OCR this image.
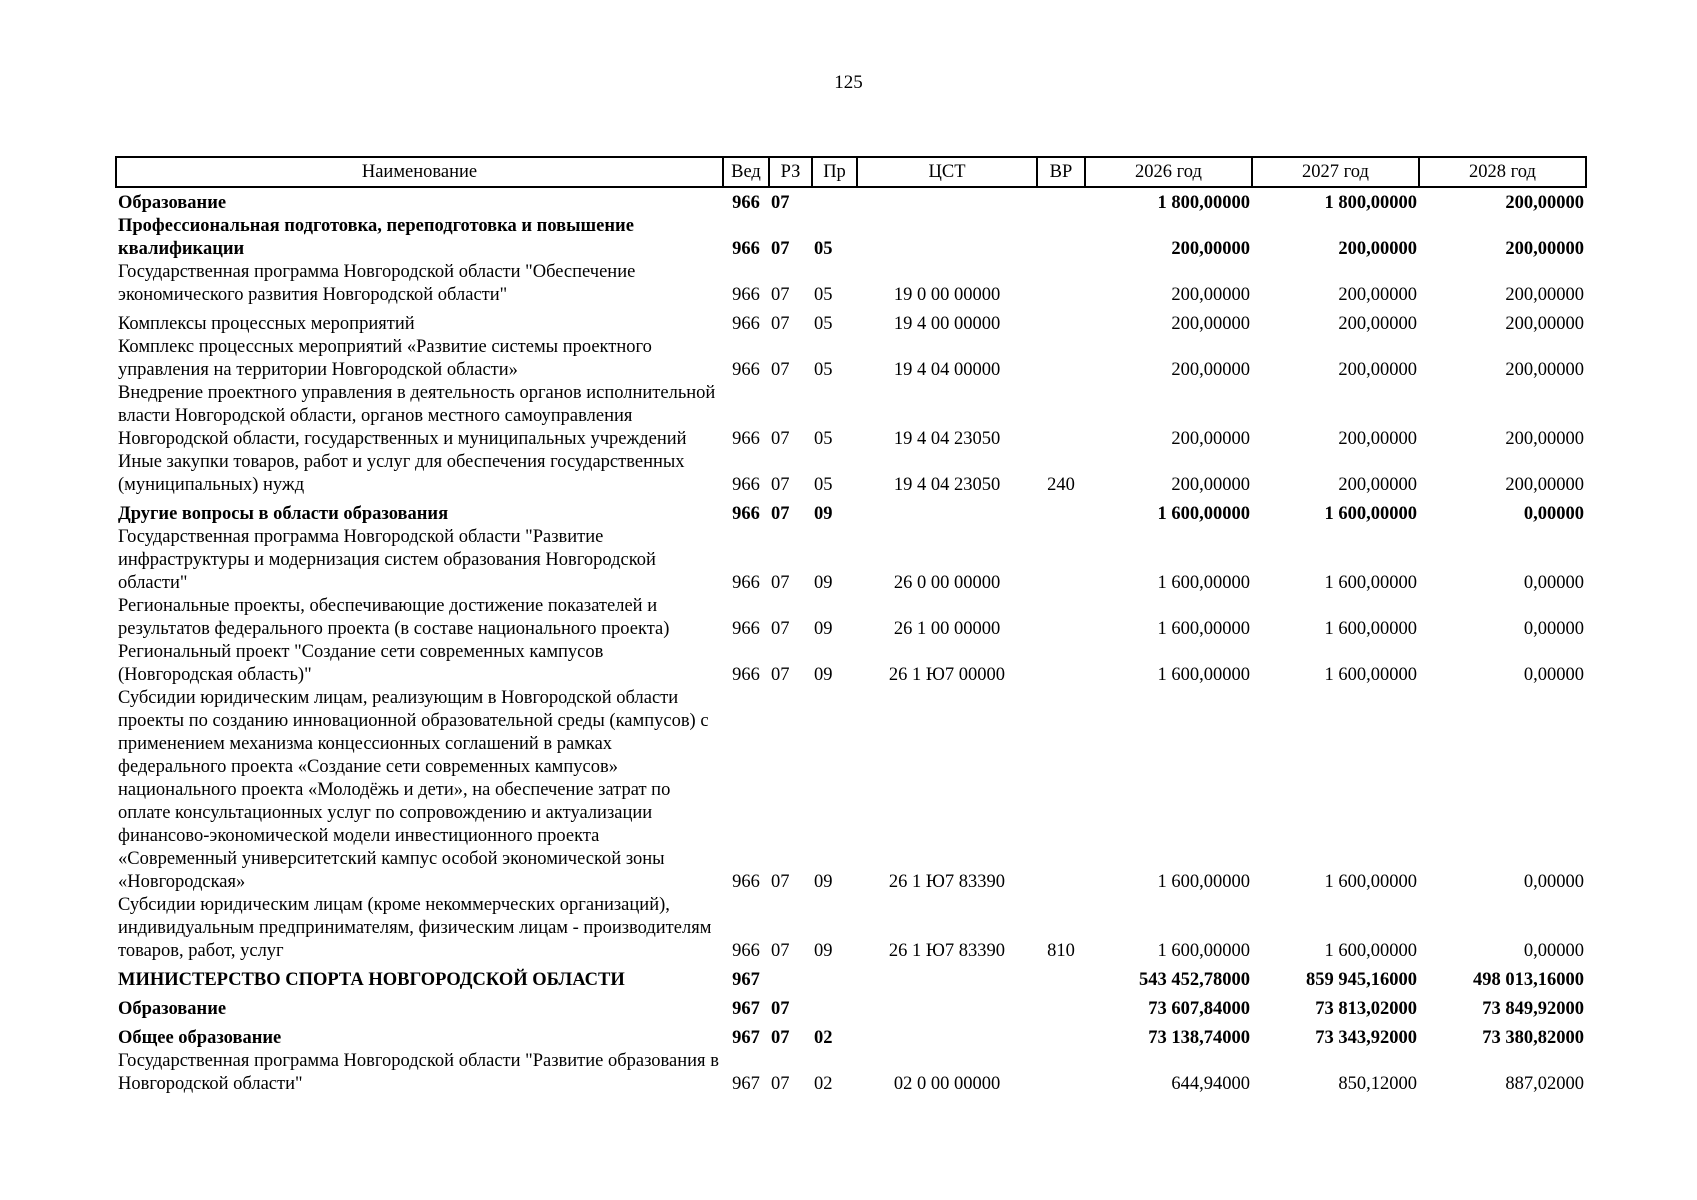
125
Наименование	Вед	РЗ	Пр	ЦСТ	ВР	2026 год	2027 год	2028 год
Образование	966	07				1 800,00000	1 800,00000	200,00000
Профессиональная подготовка, переподготовка и повышение квалификации	966	07	05			200,00000	200,00000	200,00000
Государственная программа Новгородской области "Обеспечение экономического развития Новгородской области"	966	07	05	19 0 00 00000		200,00000	200,00000	200,00000
Комплексы процессных мероприятий	966	07	05	19 4 00 00000		200,00000	200,00000	200,00000
Комплекс процессных мероприятий «Развитие системы проектного управления на территории Новгородской области»	966	07	05	19 4 04 00000		200,00000	200,00000	200,00000
Внедрение проектного управления в деятельность органов исполнительной власти Новгородской области, органов местного самоуправления Новгородской области, государственных и муниципальных учреждений	966	07	05	19 4 04 23050		200,00000	200,00000	200,00000
Иные закупки товаров, работ и услуг для обеспечения государственных (муниципальных) нужд	966	07	05	19 4 04 23050	240	200,00000	200,00000	200,00000
Другие вопросы в области образования	966	07	09			1 600,00000	1 600,00000	0,00000
Государственная программа Новгородской области "Развитие инфраструктуры и модернизация систем образования Новгородской области"	966	07	09	26 0 00 00000		1 600,00000	1 600,00000	0,00000
Региональные проекты, обеспечивающие достижение показателей и результатов федерального проекта (в составе национального проекта)	966	07	09	26 1 00 00000		1 600,00000	1 600,00000	0,00000
Региональный проект "Создание сети современных кампусов (Новгородская область)"	966	07	09	26 1 Ю7 00000		1 600,00000	1 600,00000	0,00000
Субсидии юридическим лицам, реализующим в Новгородской области проекты по созданию инновационной образовательной среды (кампусов) с применением механизма концессионных соглашений в рамках федерального проекта «Создание сети современных кампусов» национального проекта «Молодёжь и дети», на обеспечение затрат по оплате консультационных услуг по сопровождению и актуализации финансово-экономической модели инвестиционного проекта «Современный университетский кампус особой экономической зоны «Новгородская»	966	07	09	26 1 Ю7 83390		1 600,00000	1 600,00000	0,00000
Субсидии юридическим лицам (кроме некоммерческих организаций), индивидуальным предпринимателям, физическим лицам - производителям товаров, работ, услуг	966	07	09	26 1 Ю7 83390	810	1 600,00000	1 600,00000	0,00000
МИНИСТЕРСТВО СПОРТА НОВГОРОДСКОЙ ОБЛАСТИ	967					543 452,78000	859 945,16000	498 013,16000
Образование	967	07				73 607,84000	73 813,02000	73 849,92000
Общее образование	967	07	02			73 138,74000	73 343,92000	73 380,82000
Государственная программа Новгородской области "Развитие образования в Новгородской области"	967	07	02	02 0 00 00000		644,94000	850,12000	887,02000
